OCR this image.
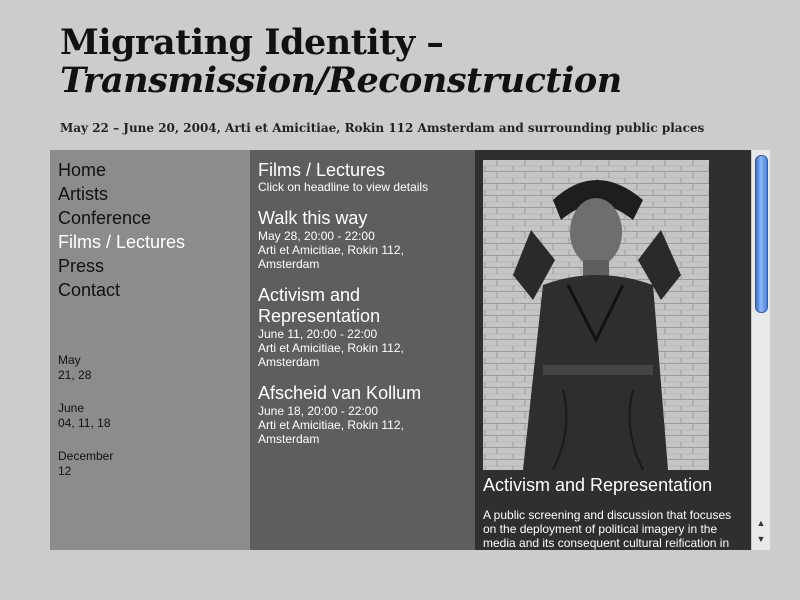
Migrating Identity –

Transmission/Reconstruction
May 22 – June 20, 2004, Arti et Amicitiae, Rokin 112 Amsterdam and surrounding public places
Home
Artists
Conference
Films / Lectures
Press
Contact
May
21, 28
June
04, 11, 18
December
12
Films / Lectures
Click on headline to view details
Walk this way
May 28, 20:00 - 22:00
Arti et Amicitiae, Rokin 112, Amsterdam
Activism and Representation
June 11, 20:00 - 22:00
Arti et Amicitiae, Rokin 112, Amsterdam
Afscheid van Kollum
June 18, 20:00 - 22:00
Arti et Amicitiae, Rokin 112, Amsterdam
Activism and Representation
A public screening and discussion that focuses on the deployment of political imagery in the media and its consequent cultural reification in
▲
▼
